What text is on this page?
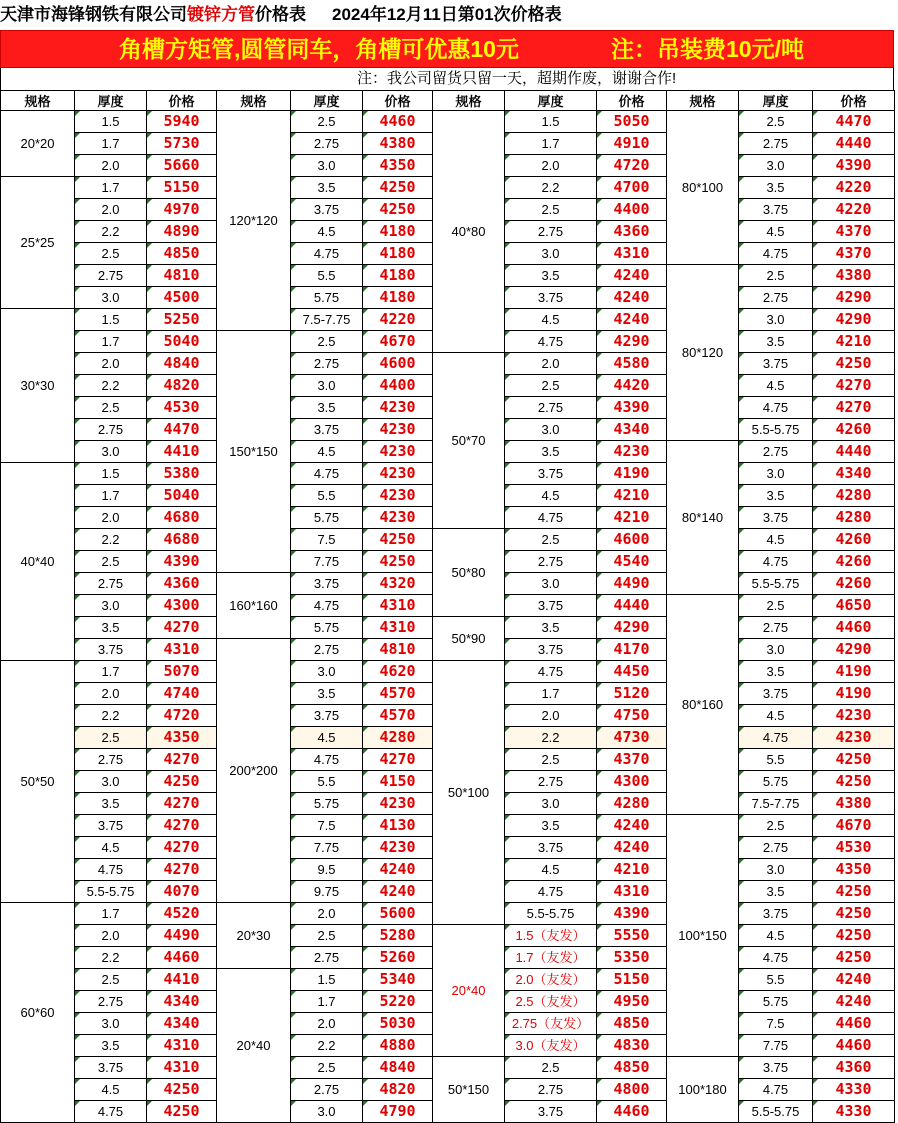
天津市海锋钢铁有限公司镀锌方管价格表 2024年12月11日第01次价格表
角槽方矩管,圆管同车，角槽可优惠10元	注：吊装费10元/吨
注：我公司留货只留一天，超期作废，谢谢合作!
规格	厚度	价格	规格	厚度	价格	规格	厚度	价格	规格	厚度	价格
20*20	1.5	5940	120*120	2.5	4460	40*80	1.5	5050	80*100	2.5	4470
	1.7	5730		2.75	4380		1.7	4910		2.75	4440
	2.0	5660		3.0	4350		2.0	4720		3.0	4390
25*25	1.7	5150		3.5	4250		2.2	4700		3.5	4220
	2.0	4970		3.75	4250		2.5	4400		3.75	4220
	2.2	4890		4.5	4180		2.75	4360		4.5	4370
	2.5	4850		4.75	4180		3.0	4310		4.75	4370
	2.75	4810		5.5	4180		3.5	4240	80*120	2.5	4380
	3.0	4500		5.75	4180		3.75	4240		2.75	4290
30*30	1.5	5250		7.5-7.75	4220		4.5	4240		3.0	4290
	1.7	5040	150*150	2.5	4670		4.75	4290		3.5	4210
	2.0	4840		2.75	4600	50*70	2.0	4580		3.75	4250
	2.2	4820		3.0	4400		2.5	4420		4.5	4270
	2.5	4530		3.5	4230		2.75	4390		4.75	4270
	2.75	4470		3.75	4230		3.0	4340		5.5-5.75	4260
	3.0	4410		4.5	4230		3.5	4230	80*140	2.75	4440
40*40	1.5	5380		4.75	4230		3.75	4190		3.0	4340
	1.7	5040		5.5	4230		4.5	4210		3.5	4280
	2.0	4680		5.75	4230		4.75	4210		3.75	4280
	2.2	4680		7.5	4250	50*80	2.5	4600		4.5	4260
	2.5	4390		7.75	4250		2.75	4540		4.75	4260
	2.75	4360	160*160	3.75	4320		3.0	4490		5.5-5.75	4260
	3.0	4300		4.75	4310		3.75	4440	80*160	2.5	4650
	3.5	4270		5.75	4310	50*90	3.5	4290		2.75	4460
	3.75	4310	200*200	2.75	4810		3.75	4170		3.0	4290
50*50	1.7	5070		3.0	4620	50*100	4.75	4450		3.5	4190
	2.0	4740		3.5	4570		1.7	5120		3.75	4190
	2.2	4720		3.75	4570		2.0	4750		4.5	4230
	2.5	4350		4.5	4280		2.2	4730		4.75	4230
	2.75	4270		4.75	4270		2.5	4370		5.5	4250
	3.0	4250		5.5	4150		2.75	4300		5.75	4250
	3.5	4270		5.75	4230		3.0	4280		7.5-7.75	4380
	3.75	4270		7.5	4130		3.5	4240	100*150	2.5	4670
	4.5	4270		7.75	4230		3.75	4240		2.75	4530
	4.75	4270		9.5	4240		4.5	4210		3.0	4350
	5.5-5.75	4070		9.75	4240		4.75	4310		3.5	4250
60*60	1.7	4520	20*30	2.0	5600		5.5-5.75	4390		3.75	4250
	2.0	4490		2.5	5280	20*40	1.5（友发）	5550		4.5	4250
	2.2	4460		2.75	5260		1.7（友发）	5350		4.75	4250
	2.5	4410	20*40	1.5	5340		2.0（友发）	5150		5.5	4240
	2.75	4340		1.7	5220		2.5（友发）	4950		5.75	4240
	3.0	4340		2.0	5030		2.75（友发）	4850		7.5	4460
	3.5	4310		2.2	4880		3.0（友发）	4830		7.75	4460
	3.75	4310		2.5	4840	50*150	2.5	4850	100*180	3.75	4360
	4.5	4250		2.75	4820		2.75	4800		4.75	4330
	4.75	4250		3.0	4790		3.75	4460		5.5-5.75	4330
